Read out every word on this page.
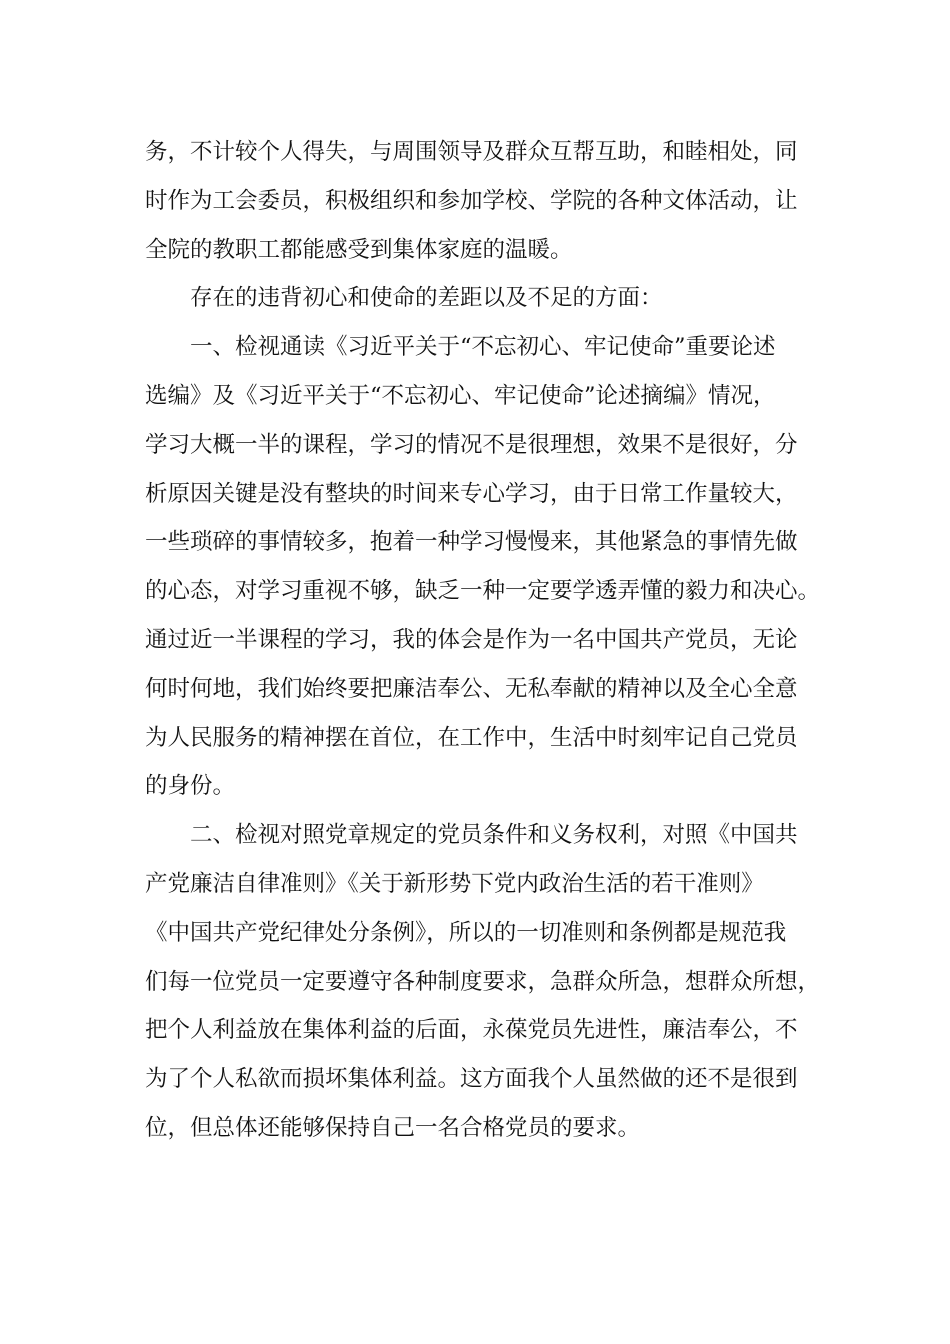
务，不计较个人得失，与周围领导及群众互帮互助，和睦相处，同
时作为工会委员，积极组织和参加学校、学院的各种文体活动，让
全院的教职工都能感受到集体家庭的温暖。
　　存在的违背初心和使命的差距以及不足的方面：
　　一、检视通读《习近平关于“不忘初心、牢记使命”重要论述
选编》及《习近平关于“不忘初心、牢记使命”论述摘编》情况，
学习大概一半的课程，学习的情况不是很理想，效果不是很好，分
析原因关键是没有整块的时间来专心学习，由于日常工作量较大，
一些琐碎的事情较多，抱着一种学习慢慢来，其他紧急的事情先做
的心态，对学习重视不够，缺乏一种一定要学透弄懂的毅力和决心。
通过近一半课程的学习，我的体会是作为一名中国共产党员，无论
何时何地，我们始终要把廉洁奉公、无私奉献的精神以及全心全意
为人民服务的精神摆在首位，在工作中，生活中时刻牢记自己党员
的身份。
　　二、检视对照党章规定的党员条件和义务权利，对照《中国共
产党廉洁自律准则》《关于新形势下党内政治生活的若干准则》
《中国共产党纪律处分条例》，所以的一切准则和条例都是规范我
们每一位党员一定要遵守各种制度要求，急群众所急，想群众所想，
把个人利益放在集体利益的后面，永葆党员先进性，廉洁奉公，不
为了个人私欲而损坏集体利益。这方面我个人虽然做的还不是很到
位，但总体还能够保持自己一名合格党员的要求。
